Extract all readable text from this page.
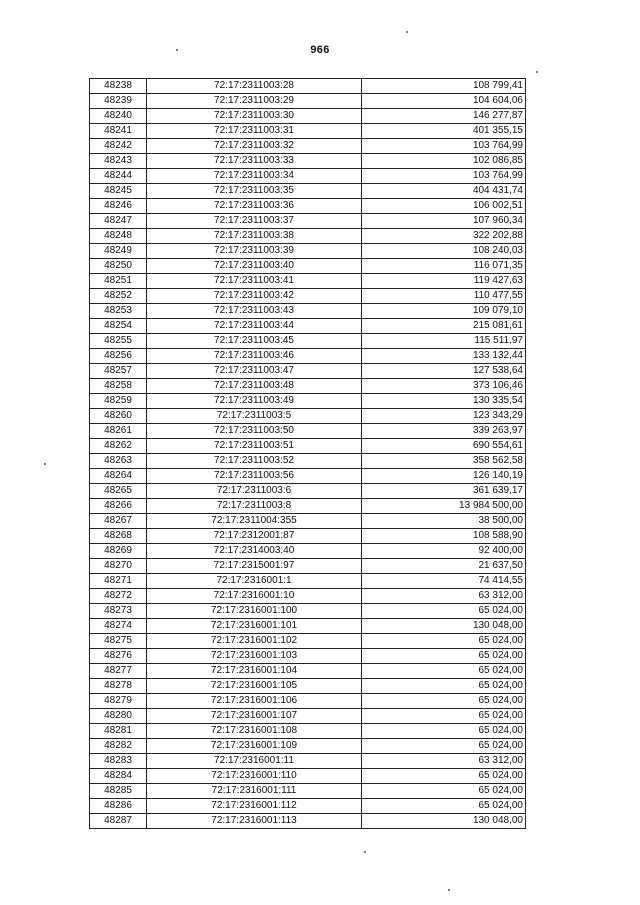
966
48238	72:17:2311003:28	108 799,41
48239	72:17:2311003:29	104 604,06
48240	72:17:2311003:30	146 277,87
48241	72:17:2311003:31	401 355,15
48242	72:17:2311003:32	103 764,99
48243	72:17:2311003:33	102 086,85
48244	72:17:2311003:34	103 764,99
48245	72:17:2311003:35	404 431,74
48246	72:17:2311003:36	106 002,51
48247	72:17:2311003:37	107 960,34
48248	72:17:2311003:38	322 202,88
48249	72:17:2311003:39	108 240,03
48250	72:17:2311003:40	116 071,35
48251	72:17:2311003:41	119 427,63
48252	72:17:2311003:42	110 477,55
48253	72:17:2311003:43	109 079,10
48254	72:17:2311003:44	215 081,61
48255	72:17:2311003:45	115 511,97
48256	72:17:2311003:46	133 132,44
48257	72:17:2311003:47	127 538,64
48258	72:17:2311003:48	373 106,46
48259	72:17:2311003:49	130 335,54
48260	72:17:2311003:5	123 343,29
48261	72:17:2311003:50	339 263,97
48262	72:17:2311003:51	690 554,61
48263	72:17:2311003:52	358 562,58
48264	72:17:2311003:56	126 140,19
48265	72:17:2311003:6	361 639,17
48266	72:17:2311003:8	13 984 500,00
48267	72:17:2311004:355	38 500,00
48268	72:17:2312001:87	108 588,90
48269	72:17:2314003:40	92 400,00
48270	72:17:2315001:97	21 637,50
48271	72:17:2316001:1	74 414,55
48272	72:17:2316001:10	63 312,00
48273	72:17:2316001:100	65 024,00
48274	72:17:2316001:101	130 048,00
48275	72:17:2316001:102	65 024,00
48276	72:17:2316001:103	65 024,00
48277	72:17:2316001:104	65 024,00
48278	72:17:2316001:105	65 024,00
48279	72:17:2316001:106	65 024,00
48280	72:17:2316001:107	65 024,00
48281	72:17:2316001:108	65 024,00
48282	72:17:2316001:109	65 024,00
48283	72:17:2316001:11	63 312,00
48284	72:17:2316001:110	65 024,00
48285	72:17:2316001:111	65 024,00
48286	72:17:2316001:112	65 024,00
48287	72:17:2316001:113	130 048,00
